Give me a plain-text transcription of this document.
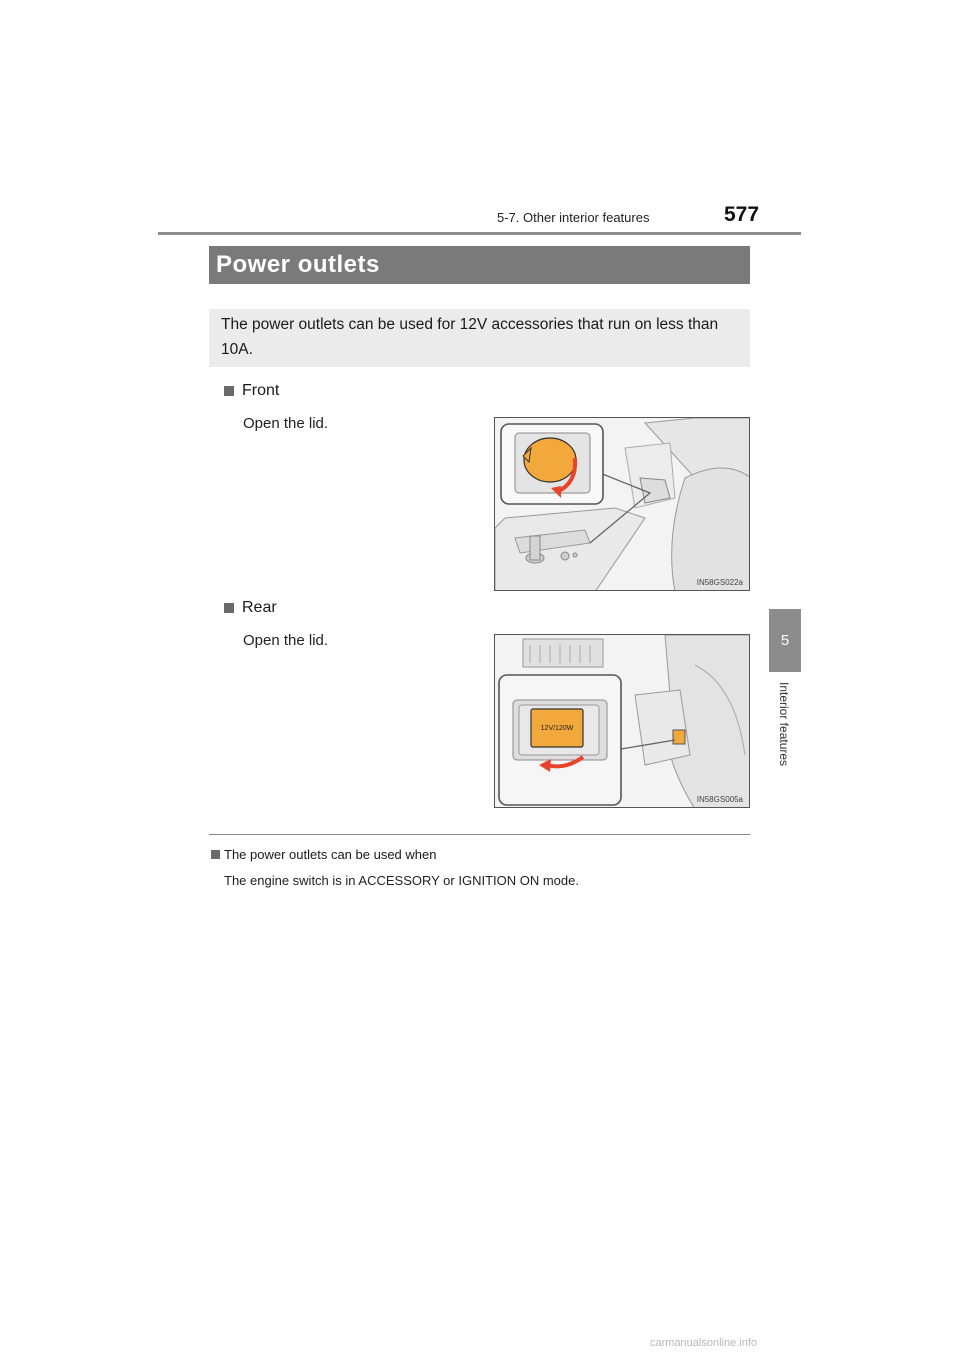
5-7. Other interior features	577
5
Interior features
Power outlets
The power outlets can be used for 12V accessories that run on less than 10A.
Front
Open the lid.
IN58GS022a
Rear
Open the lid.
12V/120W
IN58GS005a
The power outlets can be used when
The engine switch is in ACCESSORY or IGNITION ON mode.
carmanualsonline.info
